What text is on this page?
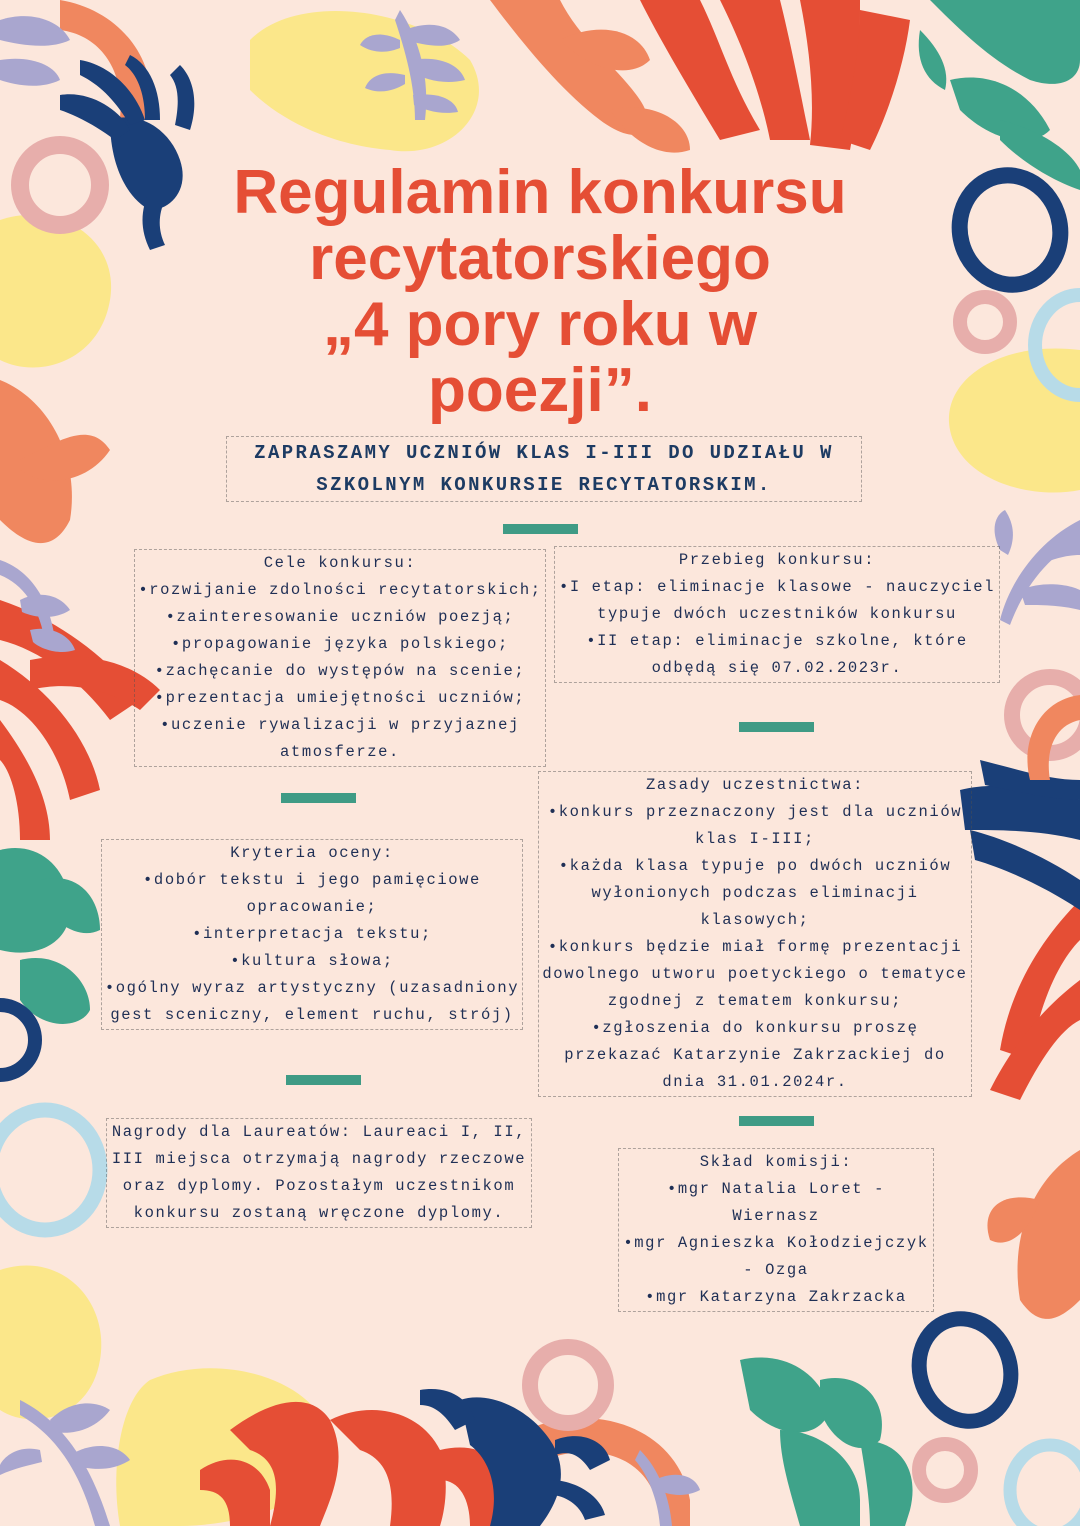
Regulamin konkursu
recytatorskiego
„4 pory roku w
poezji”.
ZAPRASZAMY UCZNIÓW KLAS I-III DO UDZIAŁU W
SZKOLNYM KONKURSIE RECYTATORSKIM.
Cele konkursu:
•rozwijanie zdolności recytatorskich;
•zainteresowanie uczniów poezją;
•propagowanie języka polskiego;
•zachęcanie do występów na scenie;
•prezentacja umiejętności uczniów;
•uczenie rywalizacji w przyjaznej
atmosferze.
Przebieg konkursu:
•I etap: eliminacje klasowe - nauczyciel
typuje dwóch uczestników konkursu
•II etap: eliminacje szkolne, które
odbędą się 07.02.2023r.
Zasady uczestnictwa:
•konkurs przeznaczony jest dla uczniów
klas I-III;
•każda klasa typuje po dwóch uczniów
wyłonionych podczas eliminacji
klasowych;
•konkurs będzie miał formę prezentacji
dowolnego utworu poetyckiego o tematyce
zgodnej z tematem konkursu;
•zgłoszenia do konkursu proszę
przekazać Katarzynie Zakrzackiej do
dnia 31.01.2024r.
Kryteria oceny:
•dobór tekstu i jego pamięciowe
opracowanie;
•interpretacja tekstu;
•kultura słowa;
•ogólny wyraz artystyczny (uzasadniony
gest sceniczny, element ruchu, strój)
Nagrody dla Laureatów: Laureaci I, II,
III miejsca otrzymają nagrody rzeczowe
oraz dyplomy. Pozostałym uczestnikom
konkursu zostaną wręczone dyplomy.
Skład komisji:
•mgr Natalia Loret -
Wiernasz
•mgr Agnieszka Kołodziejczyk
- Ozga
•mgr Katarzyna Zakrzacka
